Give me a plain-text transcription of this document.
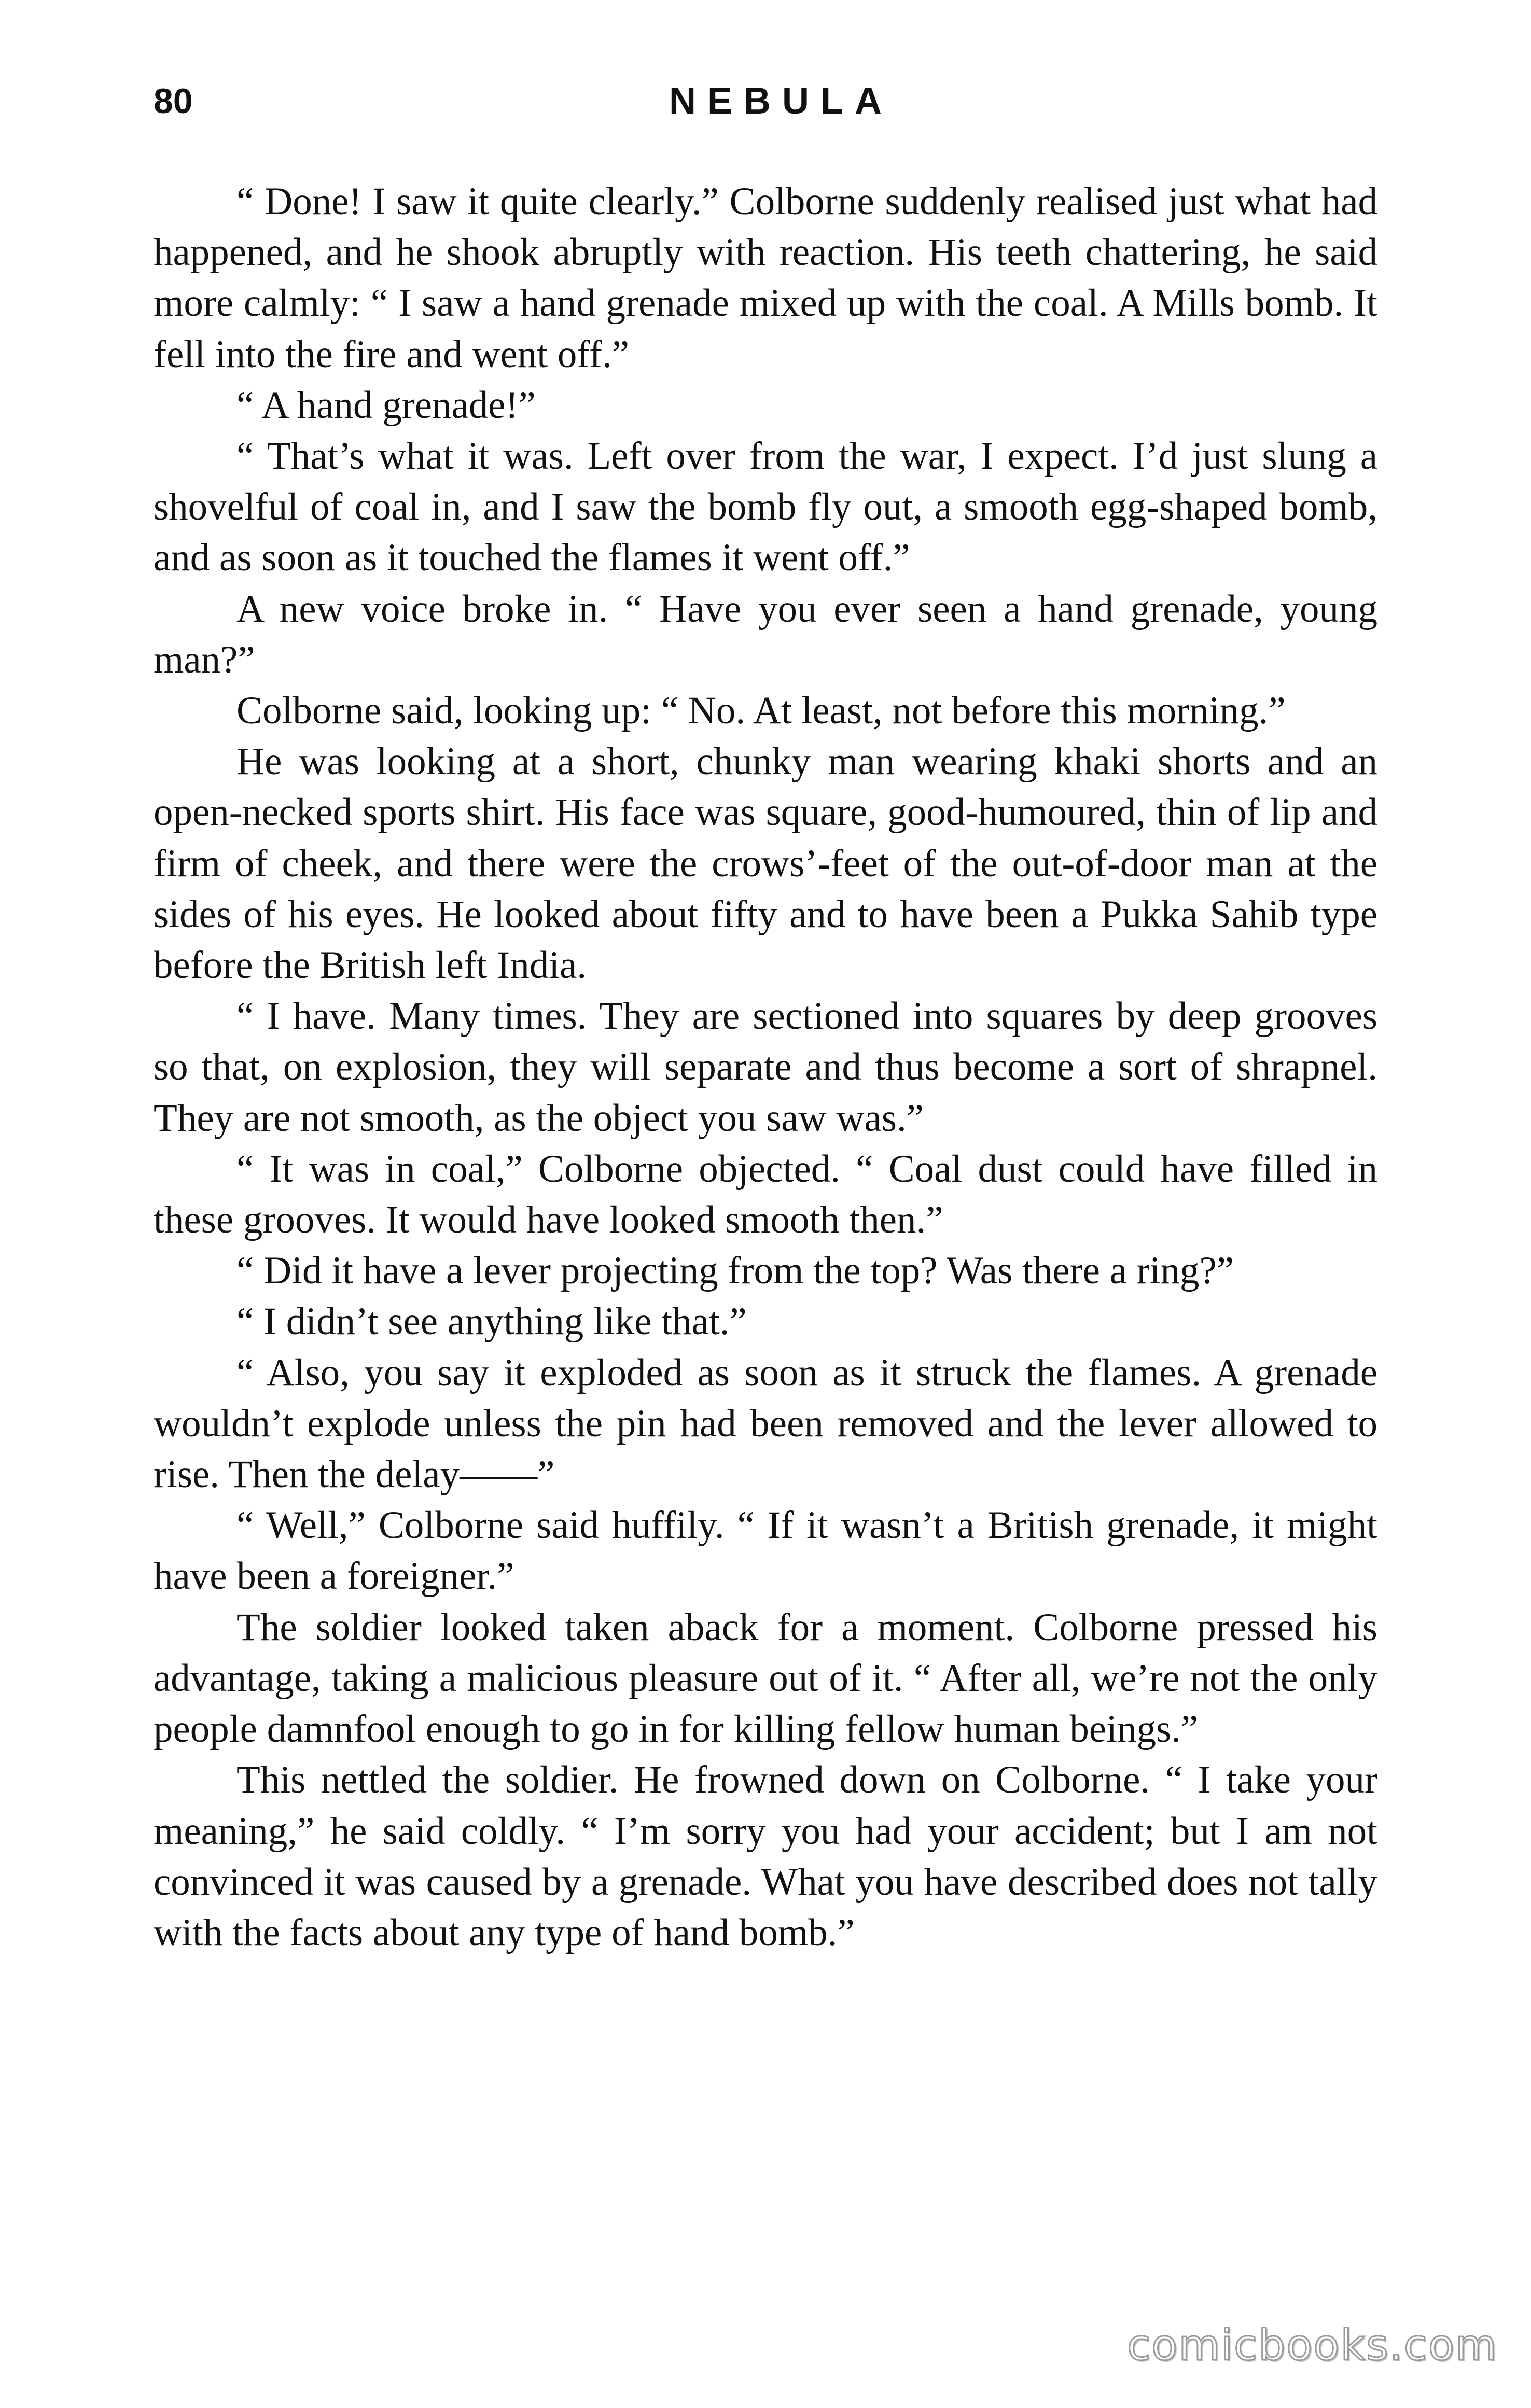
80	NEBULA

“ Done! I saw it quite clearly.” Colborne suddenly realised just what had happened, and he shook abruptly with reaction. His teeth chattering, he said more calmly: “ I saw a hand grenade mixed up with the coal. A Mills bomb. It fell into the fire and went off.”

“ A hand grenade!”

“ That’s what it was. Left over from the war, I expect. I’d just slung a shovelful of coal in, and I saw the bomb fly out, a smooth egg-shaped bomb, and as soon as it touched the flames it went off.”

A new voice broke in. “ Have you ever seen a hand grenade, young man?”

Colborne said, looking up: “ No. At least, not before this morning.”

He was looking at a short, chunky man wearing khaki shorts and an open-necked sports shirt. His face was square, good-humoured, thin of lip and firm of cheek, and there were the crows’-feet of the out-of-door man at the sides of his eyes. He looked about fifty and to have been a Pukka Sahib type before the British left India.

“ I have. Many times. They are sectioned into squares by deep grooves so that, on explosion, they will separate and thus become a sort of shrapnel. They are not smooth, as the object you saw was.”

“ It was in coal,” Colborne objected. “ Coal dust could have filled in these grooves. It would have looked smooth then.”

“ Did it have a lever projecting from the top? Was there a ring?”

“ I didn’t see anything like that.”

“ Also, you say it exploded as soon as it struck the flames. A grenade wouldn’t explode unless the pin had been removed and the lever allowed to rise. Then the delay——”

“ Well,” Colborne said huffily. “ If it wasn’t a British grenade, it might have been a foreigner.”

The soldier looked taken aback for a moment. Colborne pressed his advantage, taking a malicious pleasure out of it. “ After all, we’re not the only people damnfool enough to go in for killing fellow human beings.”

This nettled the soldier. He frowned down on Colborne. “ I take your meaning,” he said coldly. “ I’m sorry you had your accident; but I am not convinced it was caused by a grenade. What you have described does not tally with the facts about any type of hand bomb.”

comicbooks.com
